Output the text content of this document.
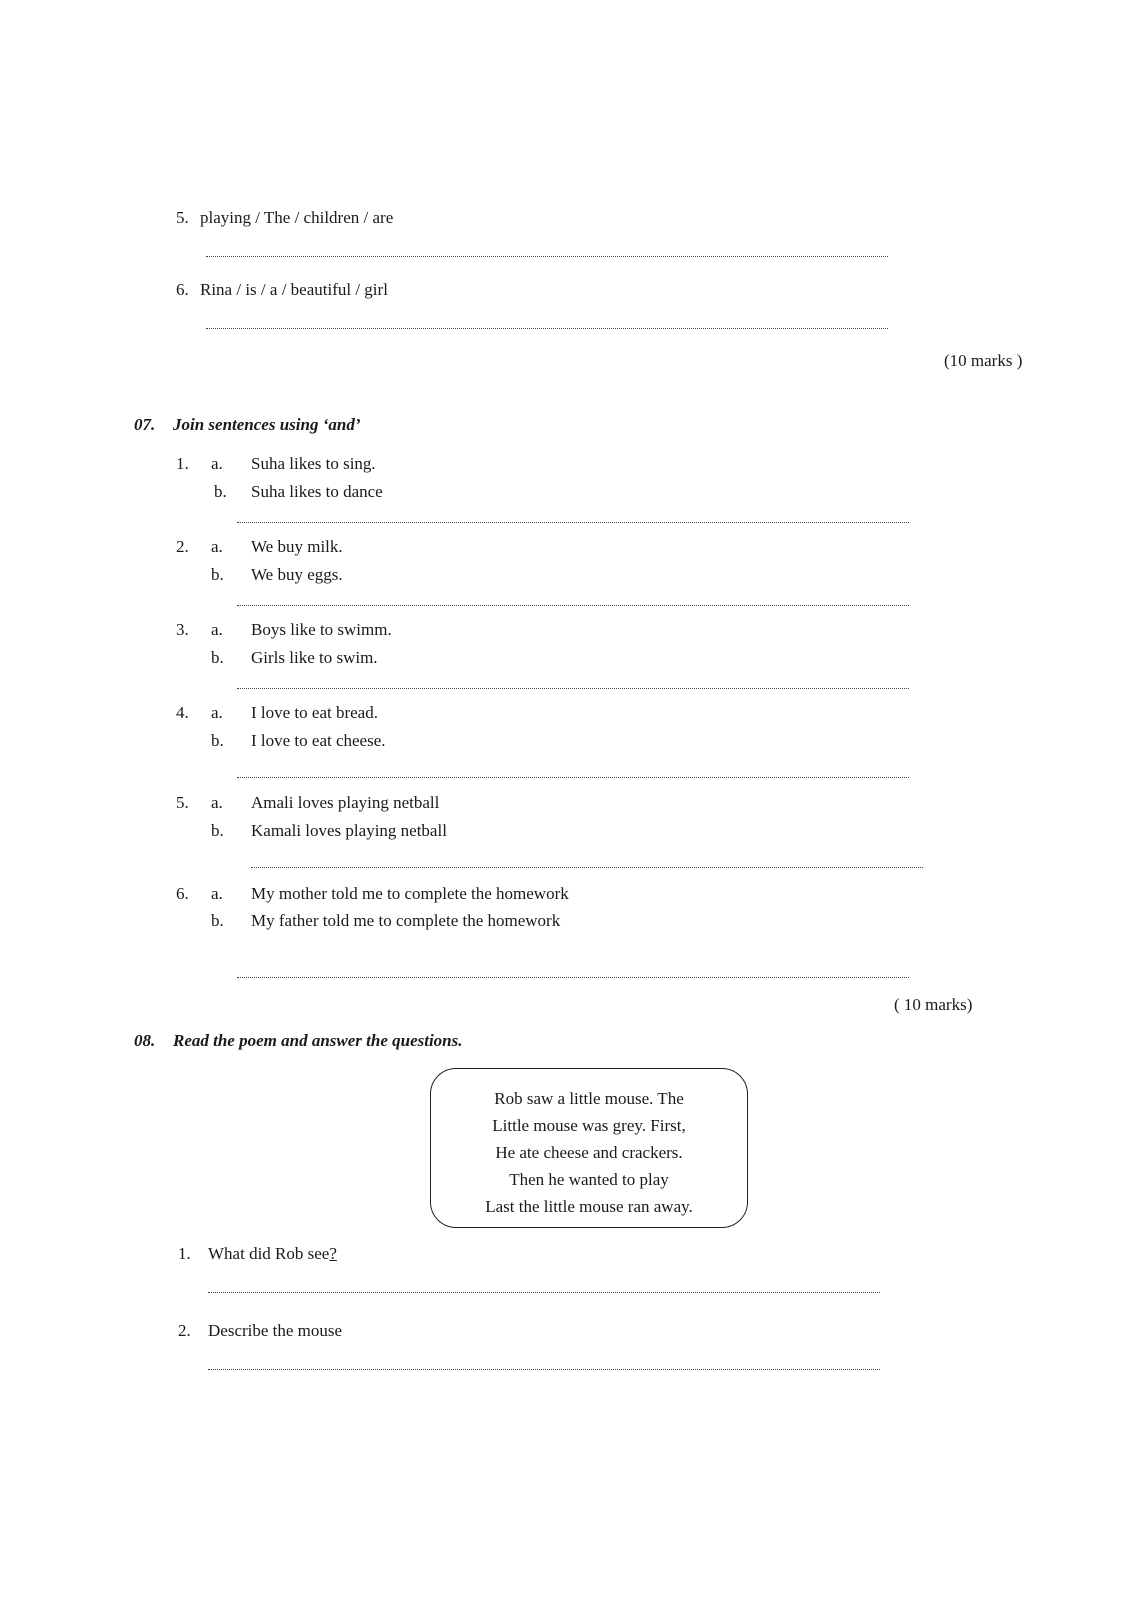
5. playing / The / children / are
6. Rina / is / a / beautiful / girl
(10 marks )
07. Join sentences using ‘and’
1. a. Suha likes to sing.
b. Suha likes to dance
2. a. We buy milk.
b. We buy eggs.
3. a. Boys like to swimm.
b. Girls like to swim.
4. a. I love to eat bread.
b. I love to eat cheese.
5. a. Amali loves playing netball
b. Kamali loves playing netball
6. a. My mother told me to complete the homework
b. My father told me to complete the homework
( 10 marks)
08. Read the poem and answer the questions.
Rob saw a little mouse. The
Little mouse was grey. First,
He ate cheese and crackers.
Then he wanted to play
Last the little mouse ran away.
1. What did Rob see?
2. Describe the mouse
